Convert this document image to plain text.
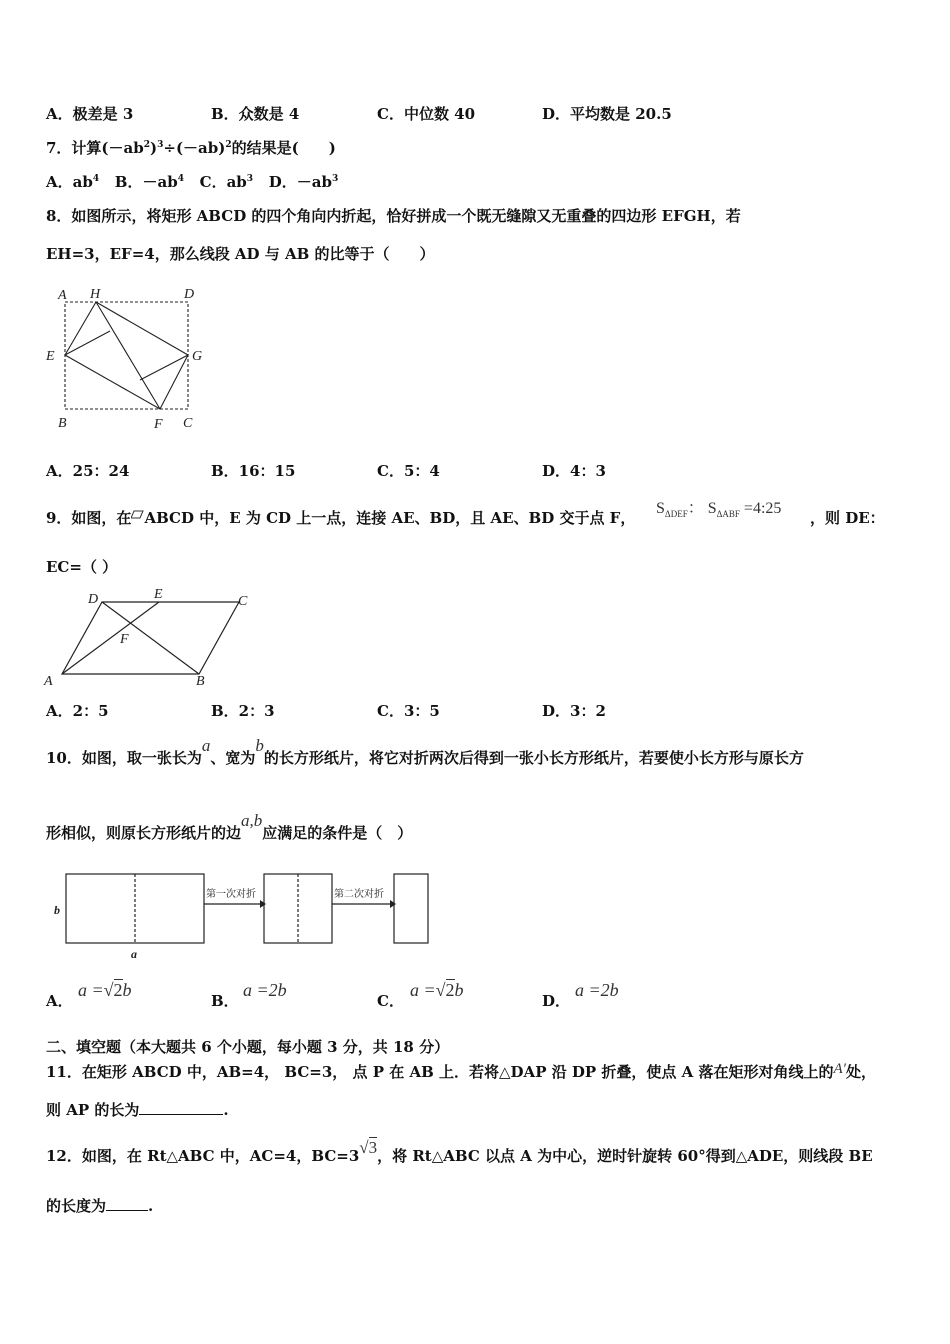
A．极差是 3	B．众数是 4	C．中位数 40	D．平均数是 20.5
7．计算$(-ab^2)^3\div(-ab)^2$的结果是(　　)
A．$ab^4$ B．$-ab^4$ C．$ab^3$ D．$-ab^3$
8．如图所示，将矩形 ABCD 的四个角向内折起，恰好拼成一个既无缝隙又无重叠的四边形 EFGH，若
EH=3，EF=4，那么线段 AD 与 AB 的比等于（　　）
A H	D
E	G
B	F C
A．25：24	B．16：15	C．5：4	D．4：3
9．如图，在 ABCD 中，E 为 CD 上一点，连接 AE、BD，且 AE、BD 交于点 F，
$S_{\Delta DEF}$： $S_{\Delta ABF}$ =4:25
，则 DE：
EC=（ ）
D	E	C
F
A	B
A．2：5	B．2：3	C．3：5	D．3：2
10．如图，取一张长为a、宽为b的长方形纸片，将它对折两次后得到一张小长方形纸片，若要使小长方形与原长方
形相似，则原长方形纸片的边a,b应满足的条件是（　）
第一次对折	第二次对折
b
a
A．
a =√2b
B．
a =2b
C．
a =√2b
D．
a =2b
二、填空题（本大题共 6 个小题，每小题 3 分，共 18 分）
11．在矩形 ABCD 中，AB=4， BC=3， 点 P 在 AB 上．若将△DAP 沿 DP 折叠，使点 A 落在矩形对角线上的A′处，
则 AP 的长为	.
12．如图，在 Rt△ABC 中，AC=4，BC=3√3，将 Rt△ABC 以点 A 为中心，逆时针旋转 60°得到△ADE，则线段 BE
的长度为	.
